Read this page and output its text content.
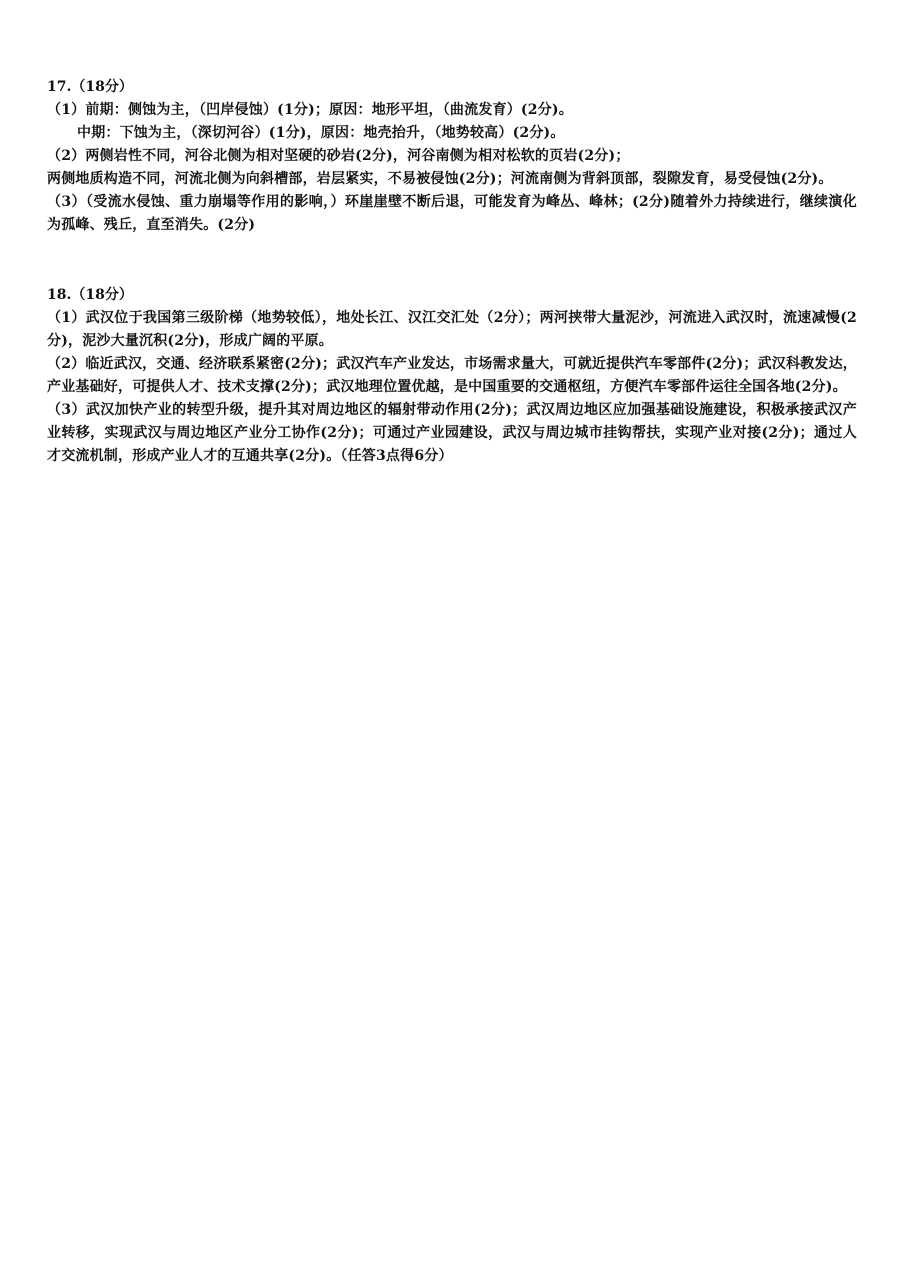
17.（18分）
（1）前期：侧蚀为主，（凹岸侵蚀）(1分)；原因：地形平坦，（曲流发育）(2分)。
中期：下蚀为主，（深切河谷）(1分)，原因：地壳抬升，（地势较高）(2分)。
（2）两侧岩性不同，河谷北侧为相对坚硬的砂岩(2分)，河谷南侧为相对松软的页岩(2分)；
两侧地质构造不同，河流北侧为向斜槽部，岩层紧实，不易被侵蚀(2分)；河流南侧为背斜顶部，裂隙发育，易受侵蚀(2分)。
（3）（受流水侵蚀、重力崩塌等作用的影响，）环崖崖壁不断后退，可能发育为峰丛、峰林；(2分)随着外力持续进行，继续演化为孤峰、残丘，直至消失。(2分)
18.（18分）
（1）武汉位于我国第三级阶梯（地势较低），地处长江、汉江交汇处（2分）；两河挟带大量泥沙，河流进入武汉时，流速减慢(2分)，泥沙大量沉积(2分)，形成广阔的平原。
（2）临近武汉，交通、经济联系紧密(2分)；武汉汽车产业发达，市场需求量大，可就近提供汽车零部件(2分)；武汉科教发达，产业基础好，可提供人才、技术支撑(2分)；武汉地理位置优越，是中国重要的交通枢纽，方便汽车零部件运往全国各地(2分)。
（3）武汉加快产业的转型升级，提升其对周边地区的辐射带动作用(2分)；武汉周边地区应加强基础设施建设，积极承接武汉产业转移，实现武汉与周边地区产业分工协作(2分)；可通过产业园建设，武汉与周边城市挂钩帮扶，实现产业对接(2分)；通过人才交流机制，形成产业人才的互通共享(2分)。（任答3点得6分）
